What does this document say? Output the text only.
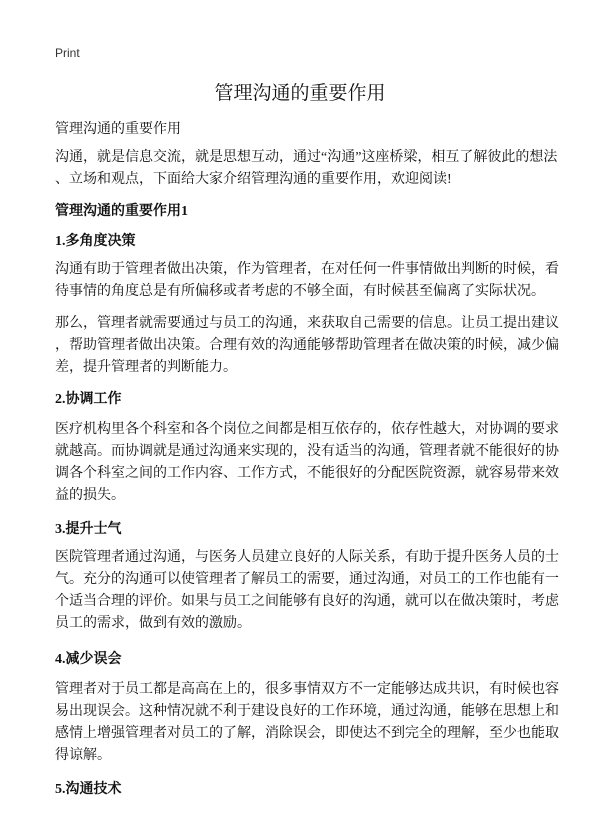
Print
管理沟通的重要作用
管理沟通的重要作用
沟通，就是信息交流，就是思想互动，通过“沟通”这座桥梁，相互了解彼此的想法
、立场和观点，下面给大家介绍管理沟通的重要作用，欢迎阅读!
管理沟通的重要作用1
1.多角度决策
沟通有助于管理者做出决策，作为管理者，在对任何一件事情做出判断的时候，看
待事情的角度总是有所偏移或者考虑的不够全面，有时候甚至偏离了实际状况。
那么，管理者就需要通过与员工的沟通，来获取自己需要的信息。让员工提出建议
，帮助管理者做出决策。合理有效的沟通能够帮助管理者在做决策的时候，减少偏
差，提升管理者的判断能力。
2.协调工作
医疗机构里各个科室和各个岗位之间都是相互依存的，依存性越大，对协调的要求
就越高。而协调就是通过沟通来实现的，没有适当的沟通，管理者就不能很好的协
调各个科室之间的工作内容、工作方式，不能很好的分配医院资源，就容易带来效
益的损失。
3.提升士气
医院管理者通过沟通，与医务人员建立良好的人际关系，有助于提升医务人员的士
气。充分的沟通可以使管理者了解员工的需要，通过沟通，对员工的工作也能有一
个适当合理的评价。如果与员工之间能够有良好的沟通，就可以在做决策时，考虑
员工的需求，做到有效的激励。
4.减少误会
管理者对于员工都是高高在上的，很多事情双方不一定能够达成共识，有时候也容
易出现误会。这种情况就不利于建设良好的工作环境，通过沟通，能够在思想上和
感情上增强管理者对员工的了解，消除误会，即使达不到完全的理解，至少也能取
得谅解。
5.沟通技术
